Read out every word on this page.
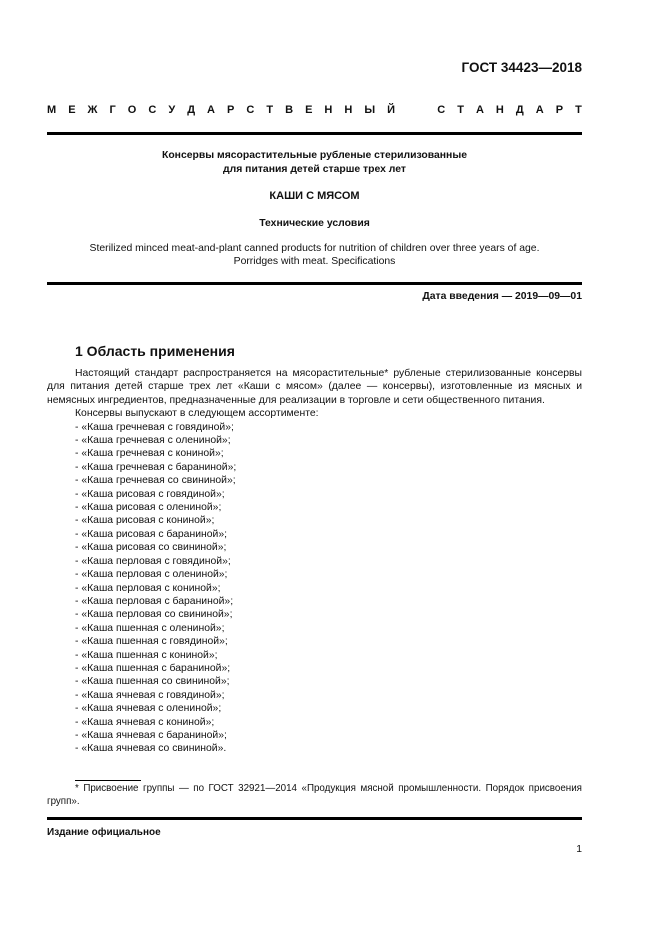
ГОСТ 34423—2018
М Е Ж Г О С У Д А Р С Т В Е Н Н Ы Й

	С Т А Н Д А Р Т
Консервы мясорастительные рубленые стерилизованные
для питания детей старше трех лет
КАШИ С МЯСОМ
Технические условия
Sterilized minced meat-and-plant canned products for nutrition of children over three years of age.
Porridges with meat. Specifications
Дата введения — 2019—09—01
1 Область применения
Настоящий стандарт распространяется на мясорастительные* рубленые стерилизованные консервы для питания детей старше трех лет «Каши с мясом» (далее — консервы), изготовленные из мясных и немясных ингредиентов, предназначенные для реализации в торговле и сети общественного питания.
Консервы выпускают в следующем ассортименте:
- «Каша гречневая с говядиной»;
- «Каша гречневая с олениной»;
- «Каша гречневая с кониной»;
- «Каша гречневая с бараниной»;
- «Каша гречневая со свининой»;
- «Каша рисовая с говядиной»;
- «Каша рисовая с олениной»;
- «Каша рисовая с кониной»;
- «Каша рисовая с бараниной»;
- «Каша рисовая со свининой»;
- «Каша перловая с говядиной»;
- «Каша перловая с олениной»;
- «Каша перловая с кониной»;
- «Каша перловая с бараниной»;
- «Каша перловая со свининой»;
- «Каша пшенная с олениной»;
- «Каша пшенная с говядиной»;
- «Каша пшенная с кониной»;
- «Каша пшенная с бараниной»;
- «Каша пшенная со свининой»;
- «Каша ячневая с говядиной»;
- «Каша ячневая с олениной»;
- «Каша ячневая с кониной»;
- «Каша ячневая с бараниной»;
- «Каша ячневая со свининой».
* Присвоение группы — по ГОСТ 32921—2014 «Продукция мясной промышленности. Порядок присвоения групп».
Издание официальное
1
